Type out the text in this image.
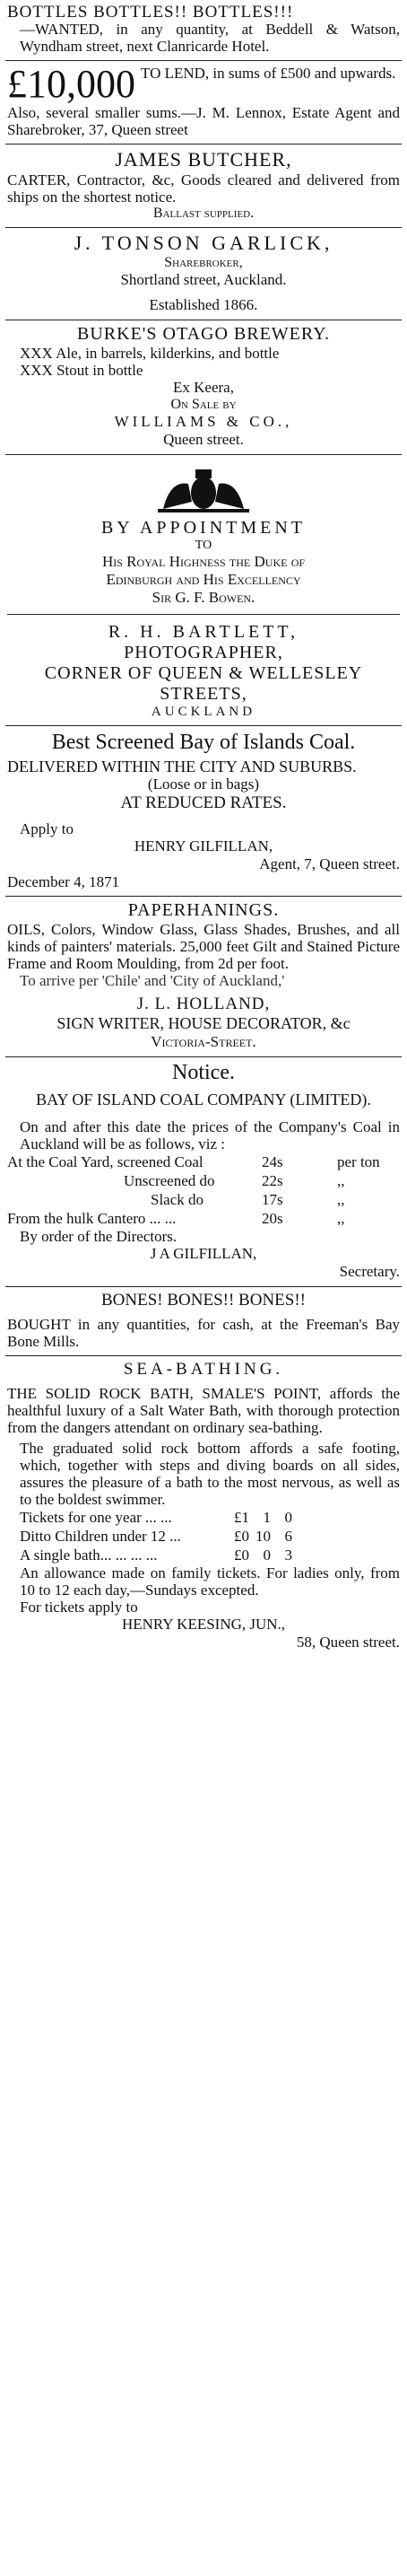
BOTTLES BOTTLES!! BOTTLES!!!

—WANTED, in any quantity, at Beddell & Watson, Wyndham street, next Clanricarde Hotel.

£10,000 TO LEND, in sums of £500 and upwards.

Also, several smaller sums.—J. M. Lennox, Estate Agent and Sharebroker, 37, Queen street

JAMES BUTCHER,

CARTER, Contractor, &c, Goods cleared and delivered from ships on the shortest notice.

Ballast supplied.

J. TONSON GARLICK,

Sharebroker,

Shortland street, Auckland.

Established 1866.

BURKE'S OTAGO BREWERY.

XXX Ale, in barrels, kilderkins, and bottle

XXX Stout in bottle

Ex Keera,

On Sale by

WILLIAMS & CO.,

Queen street.

BY APPOINTMENT

TO

His Royal Highness the Duke of

Edinburgh and His Excellency

Sir G. F. Bowen.

R. H. BARTLETT,

PHOTOGRAPHER,

CORNER OF QUEEN & WELLESLEY STREETS,

AUCKLAND

Best Screened Bay of Islands Coal.

DELIVERED WITHIN THE CITY AND SUBURBS.

(Loose or in bags)

AT REDUCED RATES.

Apply to

HENRY GILFILLAN,

Agent, 7, Queen street.

December 4, 1871

PAPERHANINGS.

OILS, Colors, Window Glass, Glass Shades, Brushes, and all kinds of painters' materials. 25,000 feet Gilt and Stained Picture Frame and Room Moulding, from 2d per foot.

To arrive per 'Chile' and 'City of Auckland,'

J. L. HOLLAND,

SIGN WRITER, HOUSE DECORATOR, &c

Victoria-Street.

Notice.

BAY OF ISLAND COAL COMPANY (LIMITED).

On and after this date the prices of the Company's Coal in Auckland will be as follows, viz :

At the Coal Yard, screened Coal	24s	per ton
Unscreened do	22s	,,
Slack do	17s	,,
From the hulk Cantero ... ...	20s	,,

By order of the Directors.

J A GILFILLAN,

Secretary.

BONES! BONES!! BONES!!

BOUGHT in any quantities, for cash, at the Freeman's Bay Bone Mills.

SEA-BATHING.

THE SOLID ROCK BATH, SMALE'S POINT, affords the healthful luxury of a Salt Water Bath, with thorough protection from the dangers attendant on ordinary sea-bathing.

The graduated solid rock bottom affords a safe footing, which, together with steps and diving boards on all sides, assures the pleasure of a bath to the most nervous, as well as to the boldest swimmer.

Tickets for one year ... ...	£1 1 0
Ditto Children under 12 ...	£0 10 6
A single bath... ... ... ...	£0 0 3

An allowance made on family tickets. For ladies only, from 10 to 12 each day,—Sundays excepted.

For tickets apply to

HENRY KEESING, JUN.,

58, Queen street.
